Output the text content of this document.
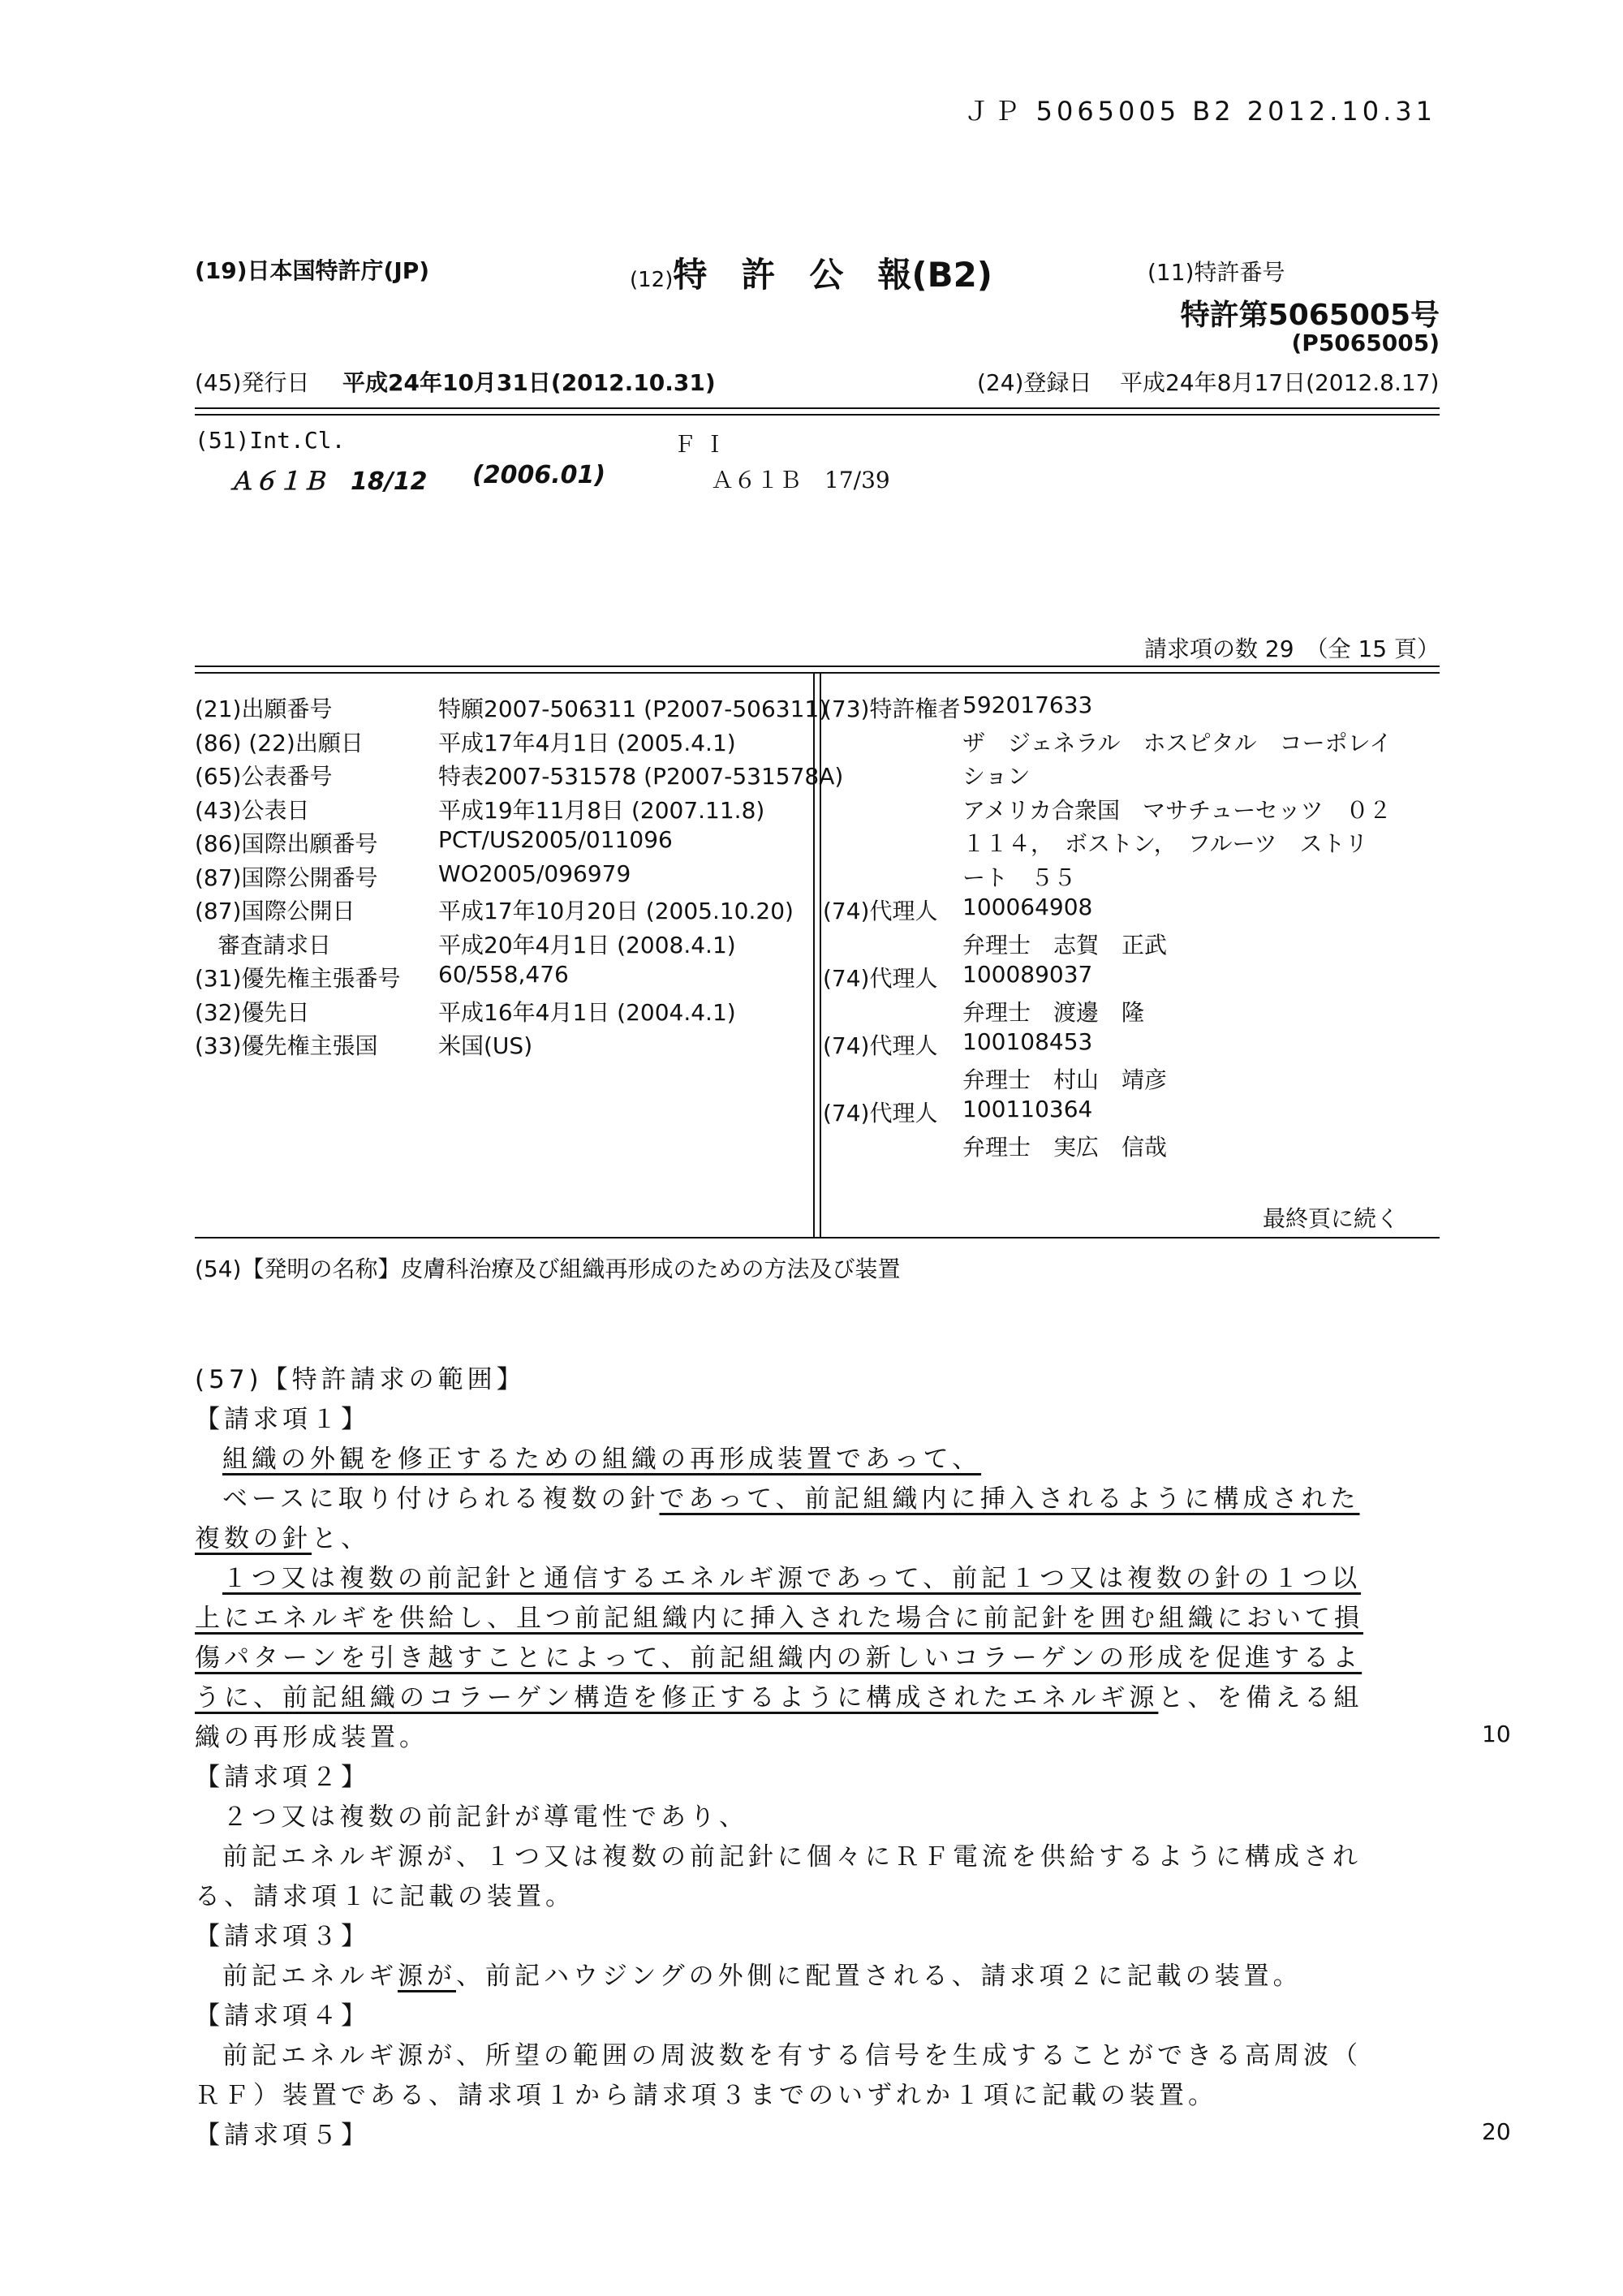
ＪＰ 5065005 B2 2012.10.31
(19)日本国特許庁(JP)	(12)特　許　公　報(B2)	(11)特許番号
特許第5065005号
(P5065005)
(45)発行日 平成24年10月31日(2012.10.31)	(24)登録日 平成24年8月17日(2012.8.17)
(51)Int.Cl.	Ｆ Ｉ
Ａ６１Ｂ　18/12 (2006.01)	Ａ６１Ｂ　17/39
請求項の数 29　（全 15 頁）
(21)出願番号	特願2007-506311 (P2007-506311)
(86) (22)出願日	平成17年4月1日 (2005.4.1)
(65)公表番号	特表2007-531578 (P2007-531578A)
(43)公表日	平成19年11月8日 (2007.11.8)
(86)国際出願番号	PCT/US2005/011096
(87)国際公開番号	WO2005/096979
(87)国際公開日	平成17年10月20日 (2005.10.20)
　審査請求日	平成20年4月1日 (2008.4.1)
(31)優先権主張番号 60/558,476
(32)優先日	平成16年4月1日 (2004.4.1)
(33)優先権主張国	米国(US)
(73)特許権者 592017633
ザ　ジェネラル　ホスピタル　コーポレイ
ション
アメリカ合衆国　マサチューセッツ　０２
１１４，　ボストン，　フルーツ　ストリ
ート　５５
(74)代理人 100064908
弁理士　志賀　正武
(74)代理人 100089037
弁理士　渡邊　隆
(74)代理人 100108453
弁理士　村山　靖彦
(74)代理人 100110364
弁理士　実広　信哉
最終頁に続く
(54)【発明の名称】皮膚科治療及び組織再形成のための方法及び装置
(57)【特許請求の範囲】
【請求項１】
組織の外観を修正するための組織の再形成装置であって、
ベースに取り付けられる複数の針であって、前記組織内に挿入されるように構成された
複数の針と、
１つ又は複数の前記針と通信するエネルギ源であって、前記１つ又は複数の針の１つ以
上にエネルギを供給し、且つ前記組織内に挿入された場合に前記針を囲む組織において損
傷パターンを引き越すことによって、前記組織内の新しいコラーゲンの形成を促進するよ
うに、前記組織のコラーゲン構造を修正するように構成されたエネルギ源と、を備える組
織の再形成装置。
【請求項２】
２つ又は複数の前記針が導電性であり、
前記エネルギ源が、１つ又は複数の前記針に個々にＲＦ電流を供給するように構成され
る、請求項１に記載の装置。
【請求項３】
前記エネルギ源が、前記ハウジングの外側に配置される、請求項２に記載の装置。
【請求項４】
前記エネルギ源が、所望の範囲の周波数を有する信号を生成することができる高周波（
ＲＦ）装置である、請求項１から請求項３までのいずれか１項に記載の装置。
【請求項５】
10
20
